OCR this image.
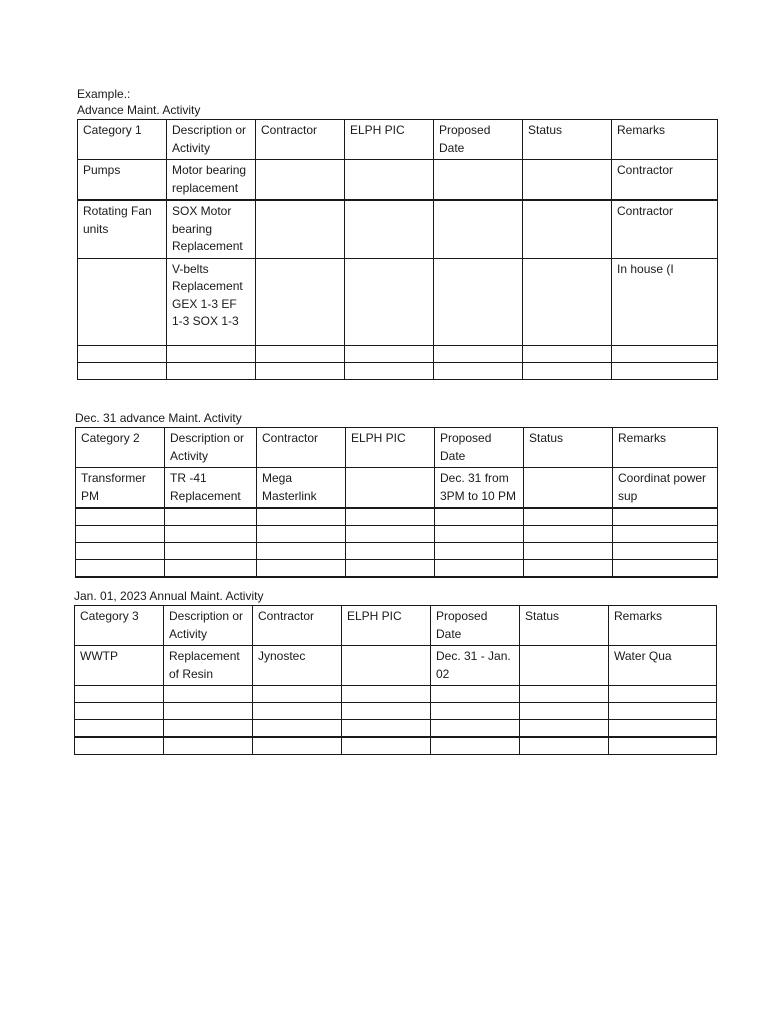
Example.:
Advance Maint. Activity
Category 1	Description or Activity	Contractor	ELPH PIC	Proposed Date	Status	Remarks
Pumps	Motor bearing replacement					Contractor
Rotating Fan units	SOX Motor bearing Replacement					Contractor
	V-belts Replacement GEX 1-3 EF 1-3 SOX 1-3					In house (I

Dec. 31 advance Maint. Activity
Category 2	Description or Activity	Contractor	ELPH PIC	Proposed Date	Status	Remarks
Transformer PM	TR -41 Replacement	Mega Masterlink		Dec. 31 from 3PM to 10 PM		Coordinat power sup

Jan. 01, 2023 Annual Maint. Activity
Category 3	Description or Activity	Contractor	ELPH PIC	Proposed Date	Status	Remarks
WWTP	Replacement of Resin	Jynostec		Dec. 31 - Jan. 02		Water Qua
